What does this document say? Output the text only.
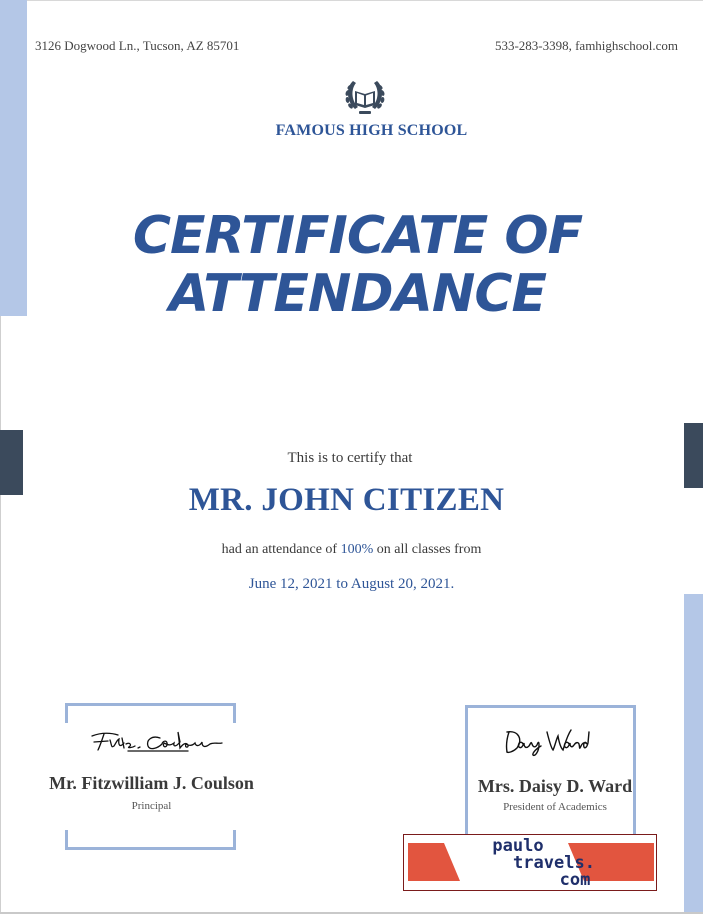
3126 Dogwood Ln., Tucson, AZ 85701	533-283-3398, famhighschool.com
FAMOUS HIGH SCHOOL
CERTIFICATE OF
ATTENDANCE
This is to certify that
MR. JOHN CITIZEN
had an attendance of 100% on all classes from
June 12, 2021 to August 20, 2021.
Mr. Fitzwilliam J. Coulson
Principal
Mrs. Daisy D. Ward
President of Academics
paulo
travels.
com
